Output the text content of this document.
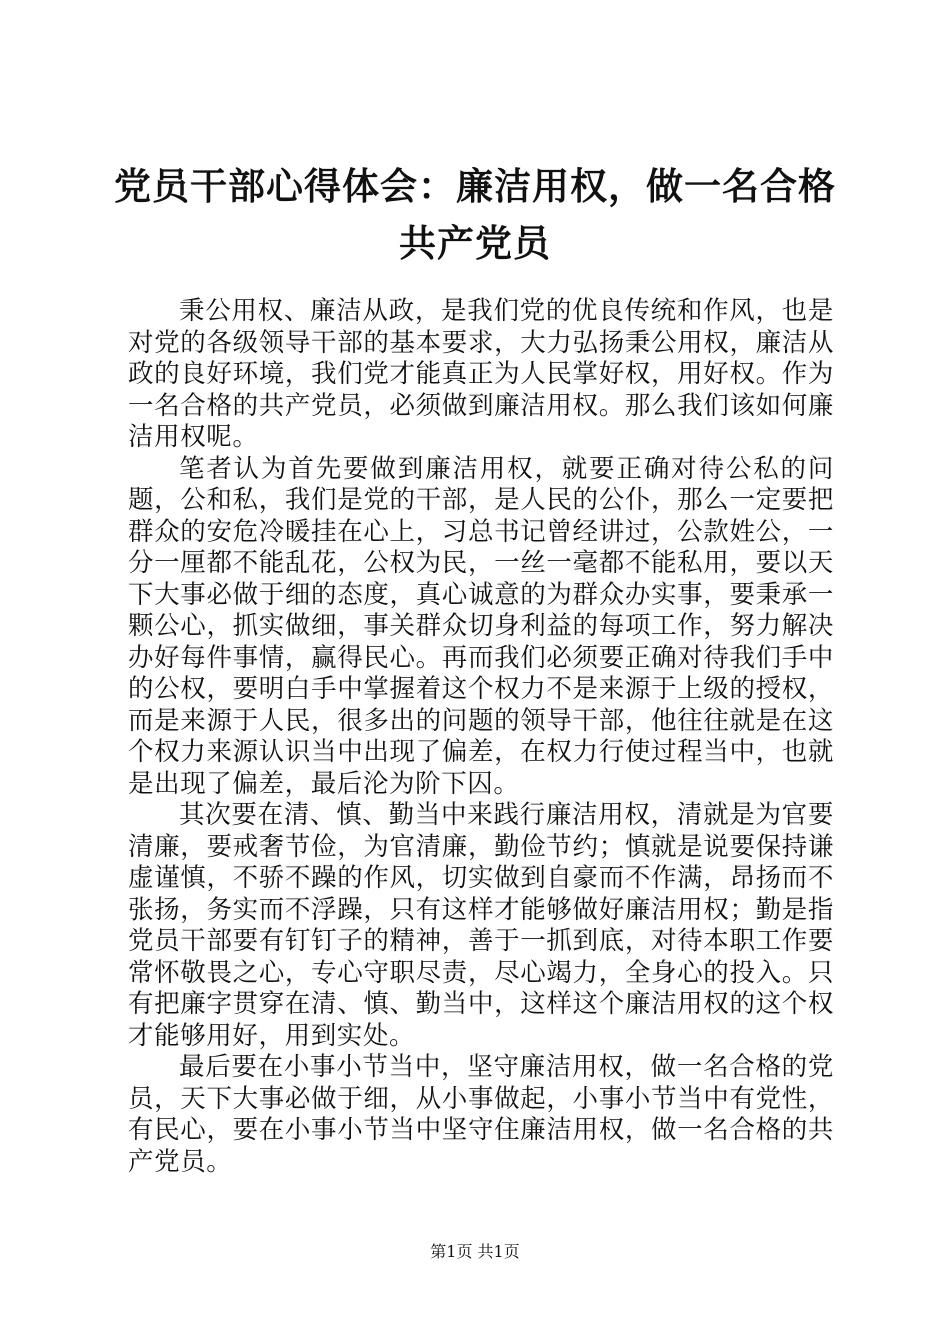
党员干部心得体会：廉洁用权，做一名合格共产党员

秉公用权、廉洁从政，是我们党的优良传统和作风，也是对党的各级领导干部的基本要求，大力弘扬秉公用权，廉洁从政的良好环境，我们党才能真正为人民掌好权，用好权。作为一名合格的共产党员，必须做到廉洁用权。那么我们该如何廉洁用权呢。

笔者认为首先要做到廉洁用权，就要正确对待公私的问题，公和私，我们是党的干部，是人民的公仆，那么一定要把群众的安危冷暖挂在心上，习总书记曾经讲过，公款姓公，一分一厘都不能乱花，公权为民，一丝一毫都不能私用，要以天下大事必做于细的态度，真心诚意的为群众办实事，要秉承一颗公心，抓实做细，事关群众切身利益的每项工作，努力解决办好每件事情，赢得民心。再而我们必须要正确对待我们手中的公权，要明白手中掌握着这个权力不是来源于上级的授权，而是来源于人民，很多出的问题的领导干部，他往往就是在这个权力来源认识当中出现了偏差，在权力行使过程当中，也就是出现了偏差，最后沦为阶下囚。

其次要在清、慎、勤当中来践行廉洁用权，清就是为官要清廉，要戒奢节俭，为官清廉，勤俭节约；慎就是说要保持谦虚谨慎，不骄不躁的作风，切实做到自豪而不作满，昂扬而不张扬，务实而不浮躁，只有这样才能够做好廉洁用权；勤是指党员干部要有钉钉子的精神，善于一抓到底，对待本职工作要常怀敬畏之心，专心守职尽责，尽心竭力，全身心的投入。只有把廉字贯穿在清、慎、勤当中，这样这个廉洁用权的这个权才能够用好，用到实处。

最后要在小事小节当中，坚守廉洁用权，做一名合格的党员，天下大事必做于细，从小事做起，小事小节当中有党性，有民心，要在小事小节当中坚守住廉洁用权，做一名合格的共产党员。

第1页 共1页
